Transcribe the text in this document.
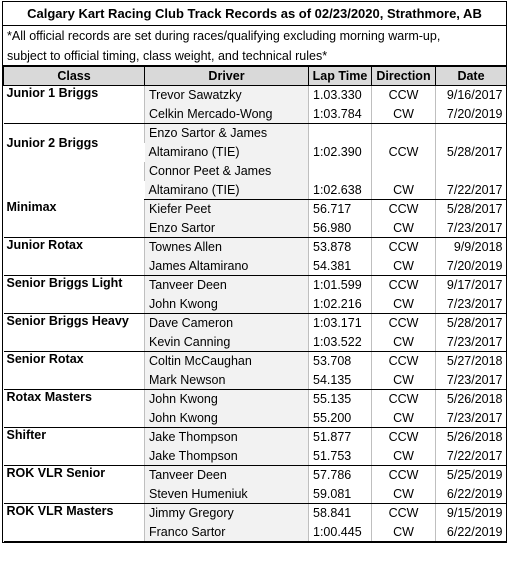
Calgary Kart Racing Club Track Records as of 02/23/2020, Strathmore, AB
*All official records are set during races/qualifying excluding morning warm-up,
subject to official timing, class weight, and technical rules*
Class	Driver	Lap Time	Direction	Date
Junior 1 Briggs	Trevor Sawatzky	1.03.330	CCW	9/16/2017
	Celkin Mercado-Wong	1:03.784	CW	7/20/2019
Junior 2 Briggs	Enzo Sartor & James			
	Altamirano (TIE)	1:02.390	CCW	5/28/2017
	Connor Peet & James			
	Altamirano (TIE)	1:02.638	CW	7/22/2017
Minimax	Kiefer Peet	56.717	CCW	5/28/2017
	Enzo Sartor	56.980	CW	7/23/2017
Junior Rotax	Townes Allen	53.878	CCW	9/9/2018
	James Altamirano	54.381	CW	7/20/2019
Senior Briggs Light	Tanveer Deen	1:01.599	CCW	9/17/2017
	John Kwong	1:02.216	CW	7/23/2017
Senior Briggs Heavy	Dave Cameron	1:03.171	CCW	5/28/2017
	Kevin Canning	1:03.522	CW	7/23/2017
Senior Rotax	Coltin McCaughan	53.708	CCW	5/27/2018
	Mark Newson	54.135	CW	7/23/2017
Rotax Masters	John Kwong	55.135	CCW	5/26/2018
	John Kwong	55.200	CW	7/23/2017
Shifter	Jake Thompson	51.877	CCW	5/26/2018
	Jake Thompson	51.753	CW	7/22/2017
ROK VLR Senior	Tanveer Deen	57.786	CCW	5/25/2019
	Steven Humeniuk	59.081	CW	6/22/2019
ROK VLR Masters	Jimmy Gregory	58.841	CCW	9/15/2019
	Franco Sartor	1:00.445	CW	6/22/2019
